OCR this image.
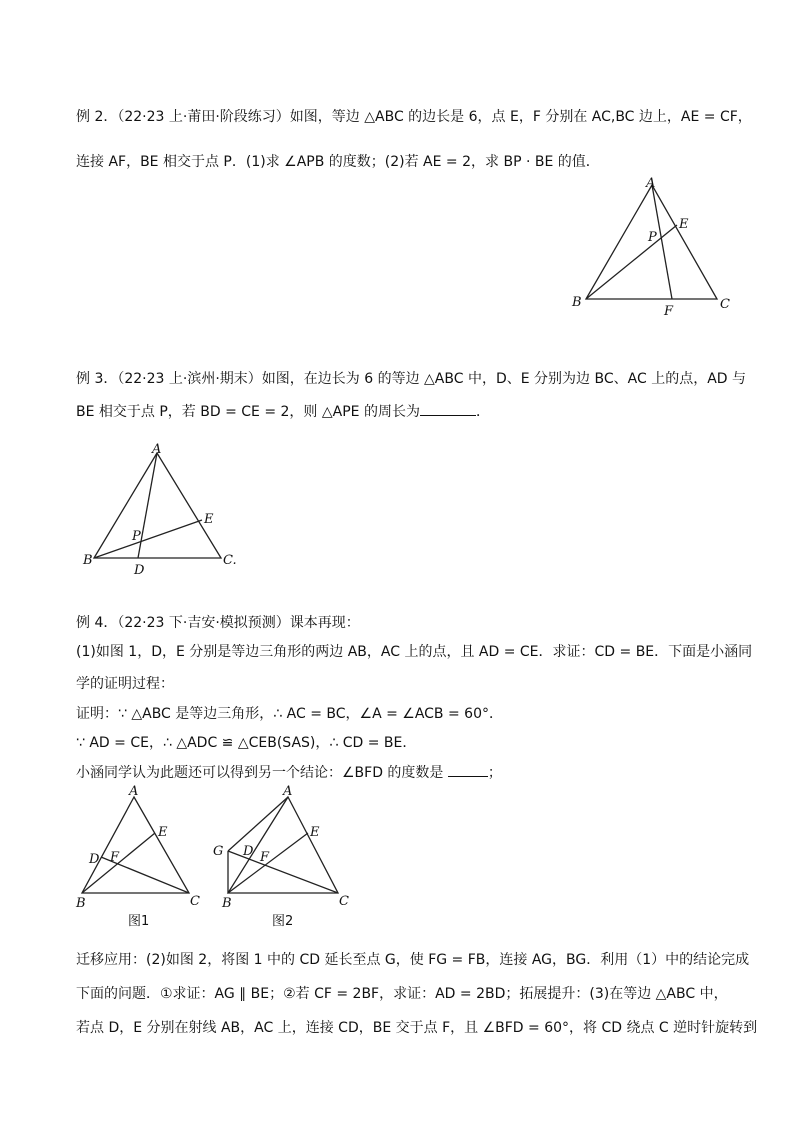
例 2．（22·23 上·莆田·阶段练习）如图，等边 △ABC 的边长是 6，点 E，F 分别在 AC,BC 边上，AE = CF，
连接 AF，BE 相交于点 P．(1)求 ∠APB 的度数；(2)若 AE = 2，求 BP · BE 的值．
A
B	C
E
F
P
例 3．（22·23 上·滨州·期末）如图，在边长为 6 的等边 △ABC 中，D、E 分别为边 BC、AC 上的点，AD 与
BE 相交于点 P，若 BD = CE = 2，则 △APE 的周长为	．
A
B	C.
D
E
P
例 4．（22·23 下·吉安·模拟预测）课本再现：
(1)如图 1，D，E 分别是等边三角形的两边 AB，AC 上的点，且 AD = CE．求证：CD = BE．下面是小涵同
学的证明过程：
证明：∵ △ABC 是等边三角形，∴ AC = BC，∠A = ∠ACB = 60°．
∵ AD = CE，∴ △ADC ≌ △CEB(SAS)，∴ CD = BE．
小涵同学认为此题还可以得到另一个结论：∠BFD 的度数是	；
A
B	C
D
E
F
图1
A
B	C
D
E
F
G
图2
迁移应用：(2)如图 2，将图 1 中的 CD 延长至点 G，使 FG = FB，连接 AG，BG．利用（1）中的结论完成
下面的问题．①求证：AG ∥ BE；②若 CF = 2BF，求证：AD = 2BD；拓展提升：(3)在等边 △ABC 中，
若点 D，E 分别在射线 AB，AC 上，连接 CD，BE 交于点 F，且 ∠BFD = 60°，将 CD 绕点 C 逆时针旋转到
